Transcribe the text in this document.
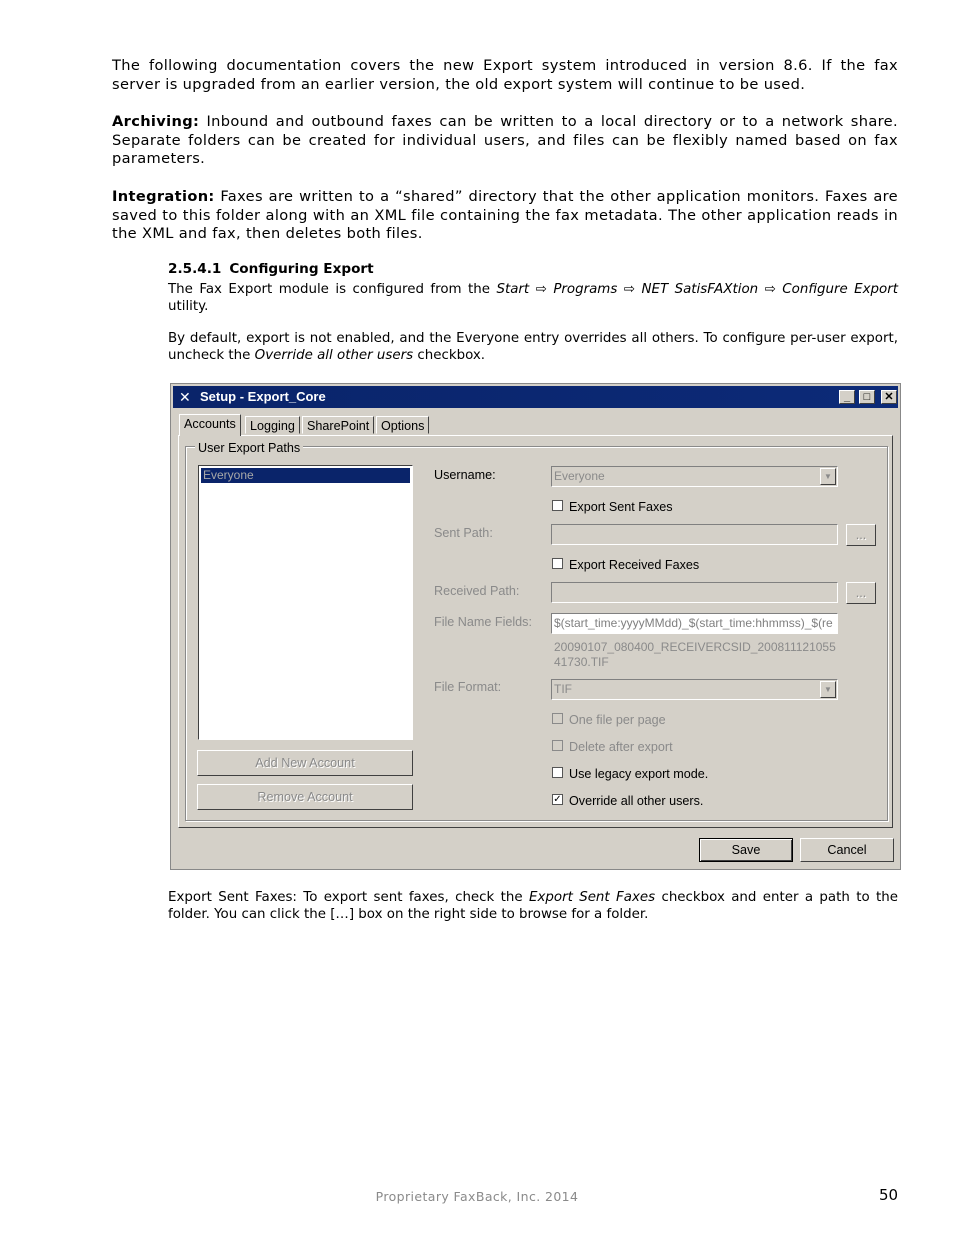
The following documentation covers the new Export system introduced in version 8.6. If the fax server is upgraded from an earlier version, the old export system will continue to be used.

Archiving: Inbound and outbound faxes can be written to a local directory or to a network share. Separate folders can be created for individual users, and files can be flexibly named based on fax parameters.

Integration: Faxes are written to a “shared” directory that the other application monitors. Faxes are saved to this folder along with an XML file containing the fax metadata. The other application reads in the XML and fax, then deletes both files.

2.5.4.1 Configuring Export

The Fax Export module is configured from the Start ⇨ Programs ⇨ NET SatisFAXtion ⇨ Configure Export utility.

By default, export is not enabled, and the Everyone entry overrides all others. To configure per-user export, uncheck the Override all other users checkbox.

✕ Setup - Export_Core	_	□	✕
Accounts	Logging SharePoint Options
User Export Paths
Everyone
Add New Account
Remove Account
Username:	Everyone	▼
Export Sent Faxes
Sent Path:	...
Export Received Faxes
Received Path:	...
File Name Fields: $(start_time:yyyyMMdd)_$(start_time:hhmmss)_$(re
20090107_080400_RECEIVERCSID_200811121055 41730.TIF
File Format:	TIF	▼
One file per page
Delete after export
Use legacy export mode.
✓ Override all other users.
Save	Cancel

Export Sent Faxes: To export sent faxes, check the Export Sent Faxes checkbox and enter a path to the folder. You can click the […] box on the right side to browse for a folder.

Proprietary FaxBack, Inc. 2014	50
